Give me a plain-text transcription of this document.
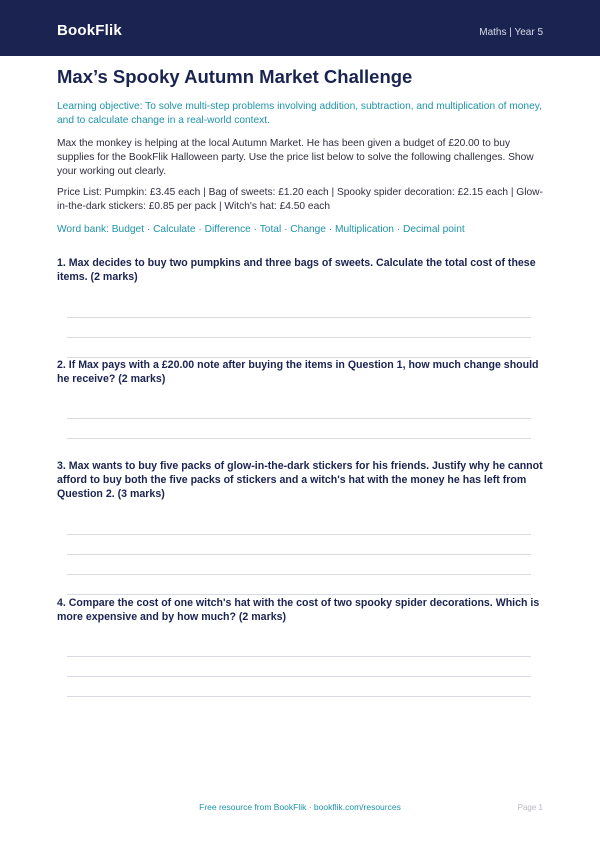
BookFlik	Maths | Year 5
Max’s Spooky Autumn Market Challenge
Learning objective: To solve multi-step problems involving addition, subtraction, and multiplication of money, and to calculate change in a real-world context.
Max the monkey is helping at the local Autumn Market. He has been given a budget of £20.00 to buy supplies for the BookFlik Halloween party. Use the price list below to solve the following challenges. Show your working out clearly.
Price List: Pumpkin: £3.45 each | Bag of sweets: £1.20 each | Spooky spider decoration: £2.15 each | Glow-in-the-dark stickers: £0.85 per pack | Witch's hat: £4.50 each
Word bank: Budget · Calculate · Difference · Total · Change · Multiplication · Decimal point
1. Max decides to buy two pumpkins and three bags of sweets. Calculate the total cost of these items. (2 marks)
2. If Max pays with a £20.00 note after buying the items in Question 1, how much change should he receive? (2 marks)
3. Max wants to buy five packs of glow-in-the-dark stickers for his friends. Justify why he cannot afford to buy both the five packs of stickers and a witch's hat with the money he has left from Question 2. (3 marks)
4. Compare the cost of one witch's hat with the cost of two spooky spider decorations. Which is more expensive and by how much? (2 marks)
Free resource from BookFlik · bookflik.com/resources	Page 1
